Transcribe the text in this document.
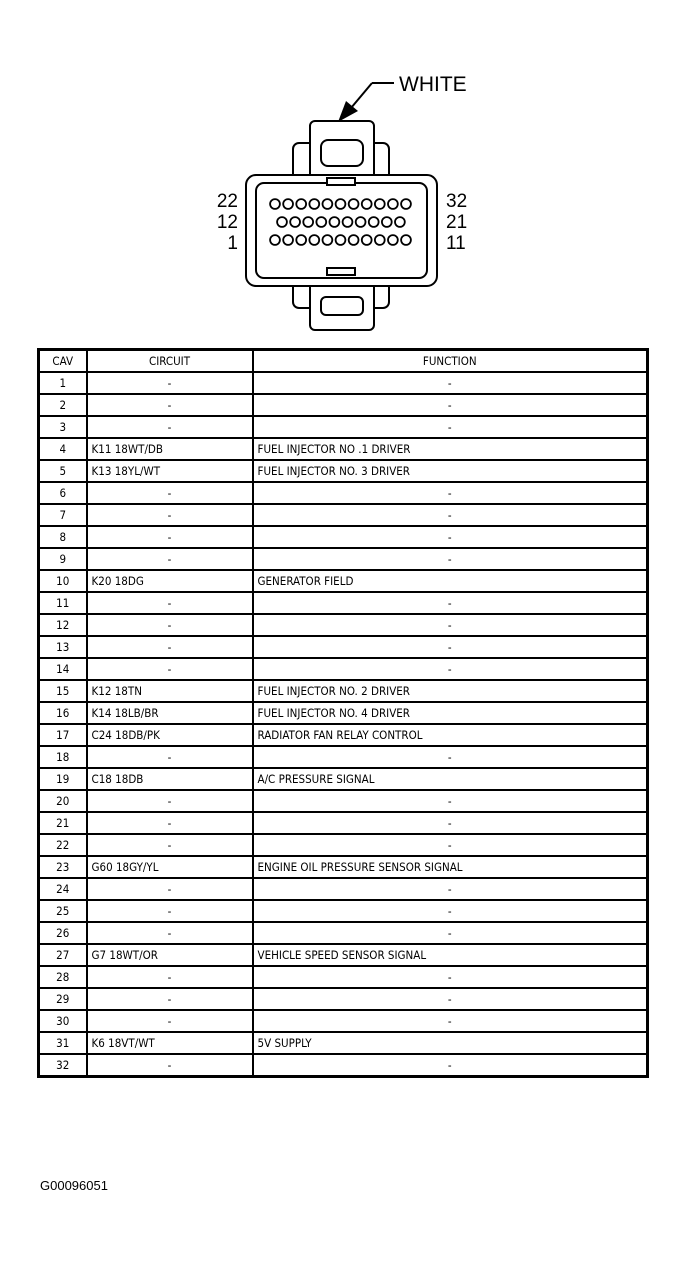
WHITE
22
12
1
32
21
11
CAV	CIRCUIT	FUNCTION
1	-	-
2	-	-
3	-	-
4	K11 18WT/DB	FUEL INJECTOR NO .1 DRIVER
5	K13 18YL/WT	FUEL INJECTOR NO. 3 DRIVER
6	-	-
7	-	-
8	-	-
9	-	-
10	K20 18DG	GENERATOR FIELD
11	-	-
12	-	-
13	-	-
14	-	-
15	K12 18TN	FUEL INJECTOR NO. 2 DRIVER
16	K14 18LB/BR	FUEL INJECTOR NO. 4 DRIVER
17	C24 18DB/PK	RADIATOR FAN RELAY CONTROL
18	-	-
19	C18 18DB	A/C PRESSURE SIGNAL
20	-	-
21	-	-
22	-	-
23	G60 18GY/YL	ENGINE OIL PRESSURE SENSOR SIGNAL
24	-	-
25	-	-
26	-	-
27	G7 18WT/OR	VEHICLE SPEED SENSOR SIGNAL
28	-	-
29	-	-
30	-	-
31	K6 18VT/WT	5V SUPPLY
32	-	-
G00096051
